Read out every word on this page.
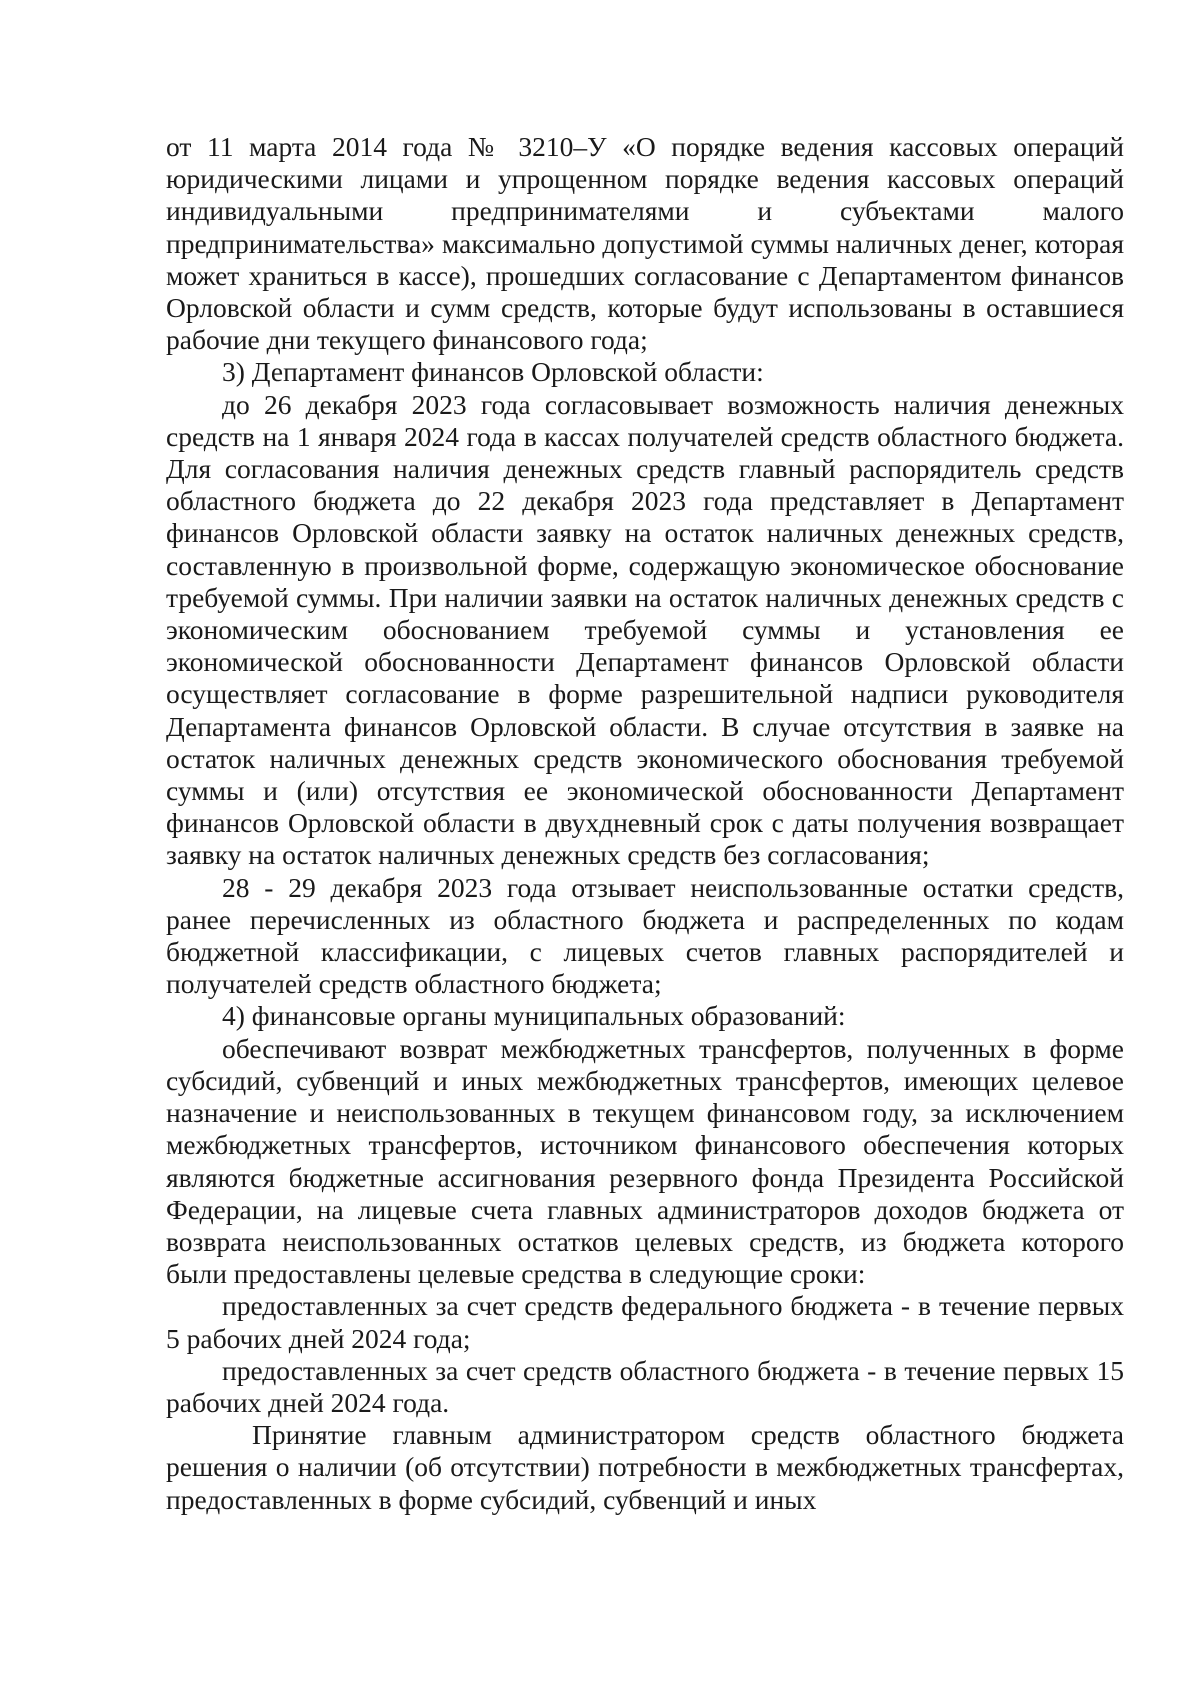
от 11 марта 2014 года № 3210–У «О порядке ведения кассовых операций юридическими лицами и упрощенном порядке ведения кассовых операций индивидуальными предпринимателями и субъектами малого предпринимательства» максимально допустимой суммы наличных денег, которая может храниться в кассе), прошедших согласование с Департаментом финансов Орловской области и сумм средств, которые будут использованы в оставшиеся рабочие дни текущего финансового года;

3) Департамент финансов Орловской области:

до 26 декабря 2023 года согласовывает возможность наличия денежных средств на 1 января 2024 года в кассах получателей средств областного бюджета. Для согласования наличия денежных средств главный распорядитель средств областного бюджета до 22 декабря 2023 года представляет в Департамент финансов Орловской области заявку на остаток наличных денежных средств, составленную в произвольной форме, содержащую экономическое обоснование требуемой суммы. При наличии заявки на остаток наличных денежных средств с экономическим обоснованием требуемой суммы и установления ее экономической обоснованности Департамент финансов Орловской области осуществляет согласование в форме разрешительной надписи руководителя Департамента финансов Орловской области. В случае отсутствия в заявке на остаток наличных денежных средств экономического обоснования требуемой суммы и (или) отсутствия ее экономической обоснованности Департамент финансов Орловской области в двухдневный срок с даты получения возвращает заявку на остаток наличных денежных средств без согласования;

28 - 29 декабря 2023 года отзывает неиспользованные остатки средств, ранее перечисленных из областного бюджета и распределенных по кодам бюджетной классификации, с лицевых счетов главных распорядителей и получателей средств областного бюджета;

4) финансовые органы муниципальных образований:

обеспечивают возврат межбюджетных трансфертов, полученных в форме субсидий, субвенций и иных межбюджетных трансфертов, имеющих целевое назначение и неиспользованных в текущем финансовом году, за исключением межбюджетных трансфертов, источником финансового обеспечения которых являются бюджетные ассигнования резервного фонда Президента Российской Федерации, на лицевые счета главных администраторов доходов бюджета от возврата неиспользованных остатков целевых средств, из бюджета которого были предоставлены целевые средства в следующие сроки:

предоставленных за счет средств федерального бюджета - в течение первых 5 рабочих дней 2024 года;

предоставленных за счет средств областного бюджета - в течение первых 15 рабочих дней 2024 года.

Принятие главным администратором средств областного бюджета решения о наличии (об отсутствии) потребности в межбюджетных трансфертах, предоставленных в форме субсидий, субвенций и иных
